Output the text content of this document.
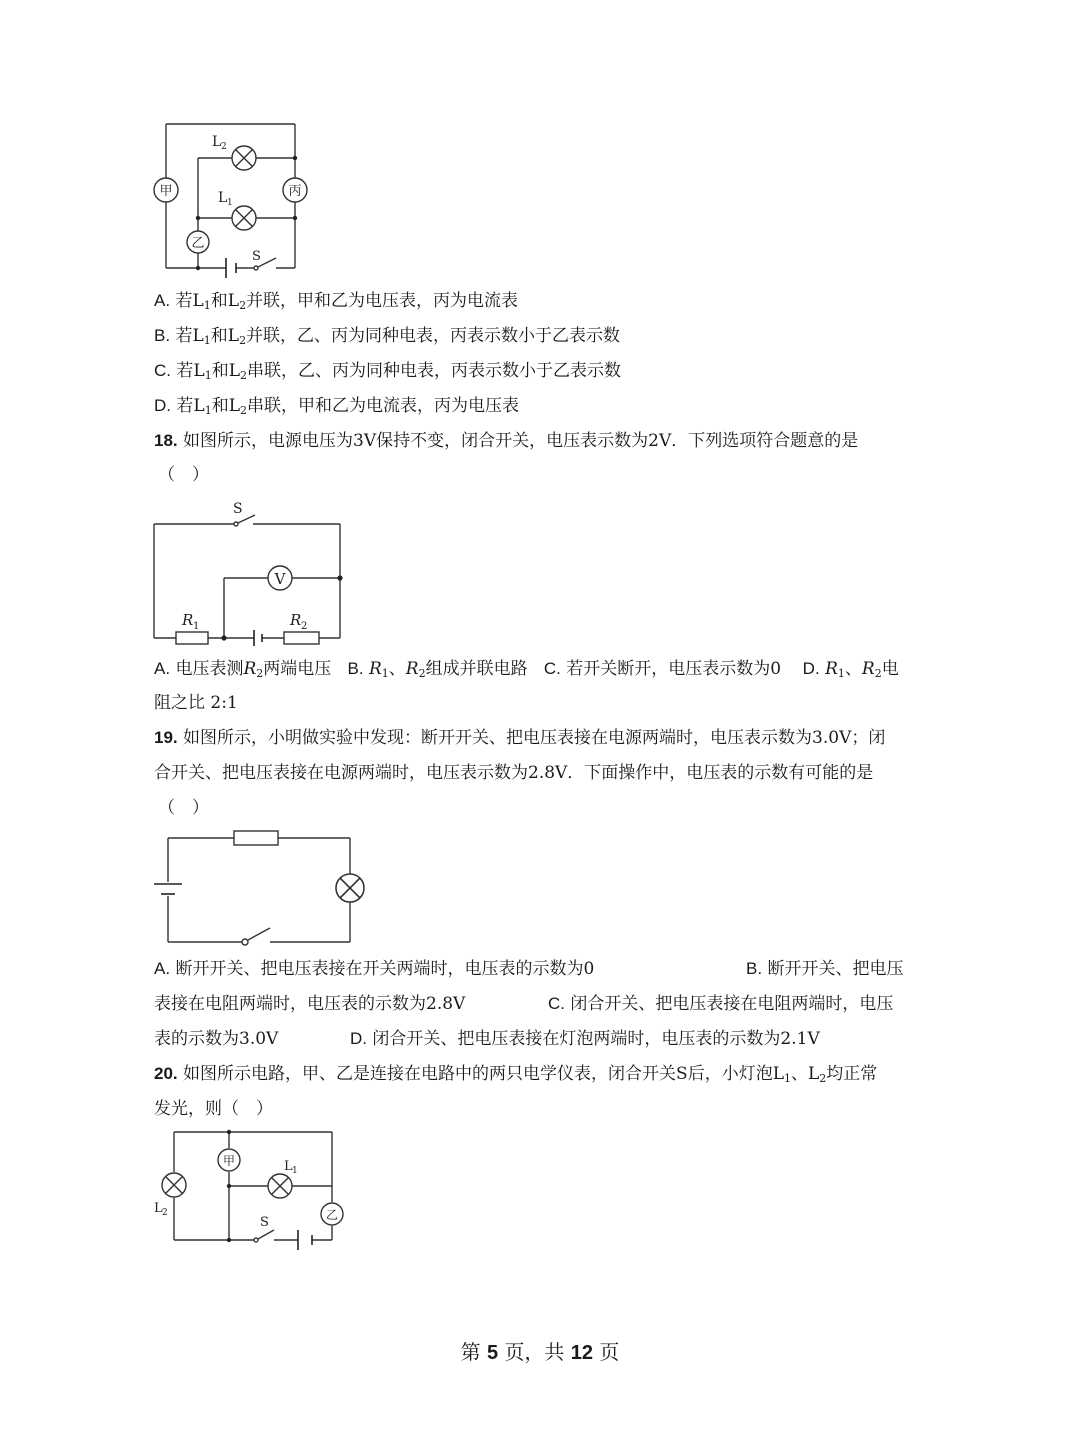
甲	丙
乙
L 2
L 1
S
A. 若$L_1$和$L_2$并联，甲和乙为电压表，丙为电流表
B. 若$L_1$和$L_2$并联，乙、丙为同种电表，丙表示数小于乙表示数
C. 若$L_1$和$L_2$串联，乙、丙为同种电表，丙表示数小于乙表示数
D. 若$L_1$和$L_2$串联，甲和乙为电流表，丙为电压表
18. 如图所示，电源电压为3V保持不变，闭合开关，电压表示数为2V．下列选项符合题意的是
（　）
V
S
R 1	R 2
A. 电压表测$R_2$两端电压 B. $R_1$、$R_2$组成并联电路 C. 若开关断开，电压表示数为0 D. $R_1$、$R_2$电
阻之比 2:1
19. 如图所示，小明做实验中发现：断开开关、把电压表接在电源两端时，电压表示数为3.0V；闭
合开关、把电压表接在电源两端时，电压表示数为2.8V．下面操作中，电压表的示数有可能的是
（　）
A. 断开开关、把电压表接在开关两端时，电压表的示数为0	B. 断开开关、把电压
表接在电阻两端时，电压表的示数为2.8V	C. 闭合开关、把电压表接在电阻两端时，电压
表的示数为3.0V	D. 闭合开关、把电压表接在灯泡两端时，电压表的示数为2.1V
20. 如图所示电路，甲、乙是连接在电路中的两只电学仪表，闭合开关S后，小灯泡$L_1$、$L_2$均正常
发光，则（　）
甲
乙
L 1
L 2
S
第 5 页，共 12 页
